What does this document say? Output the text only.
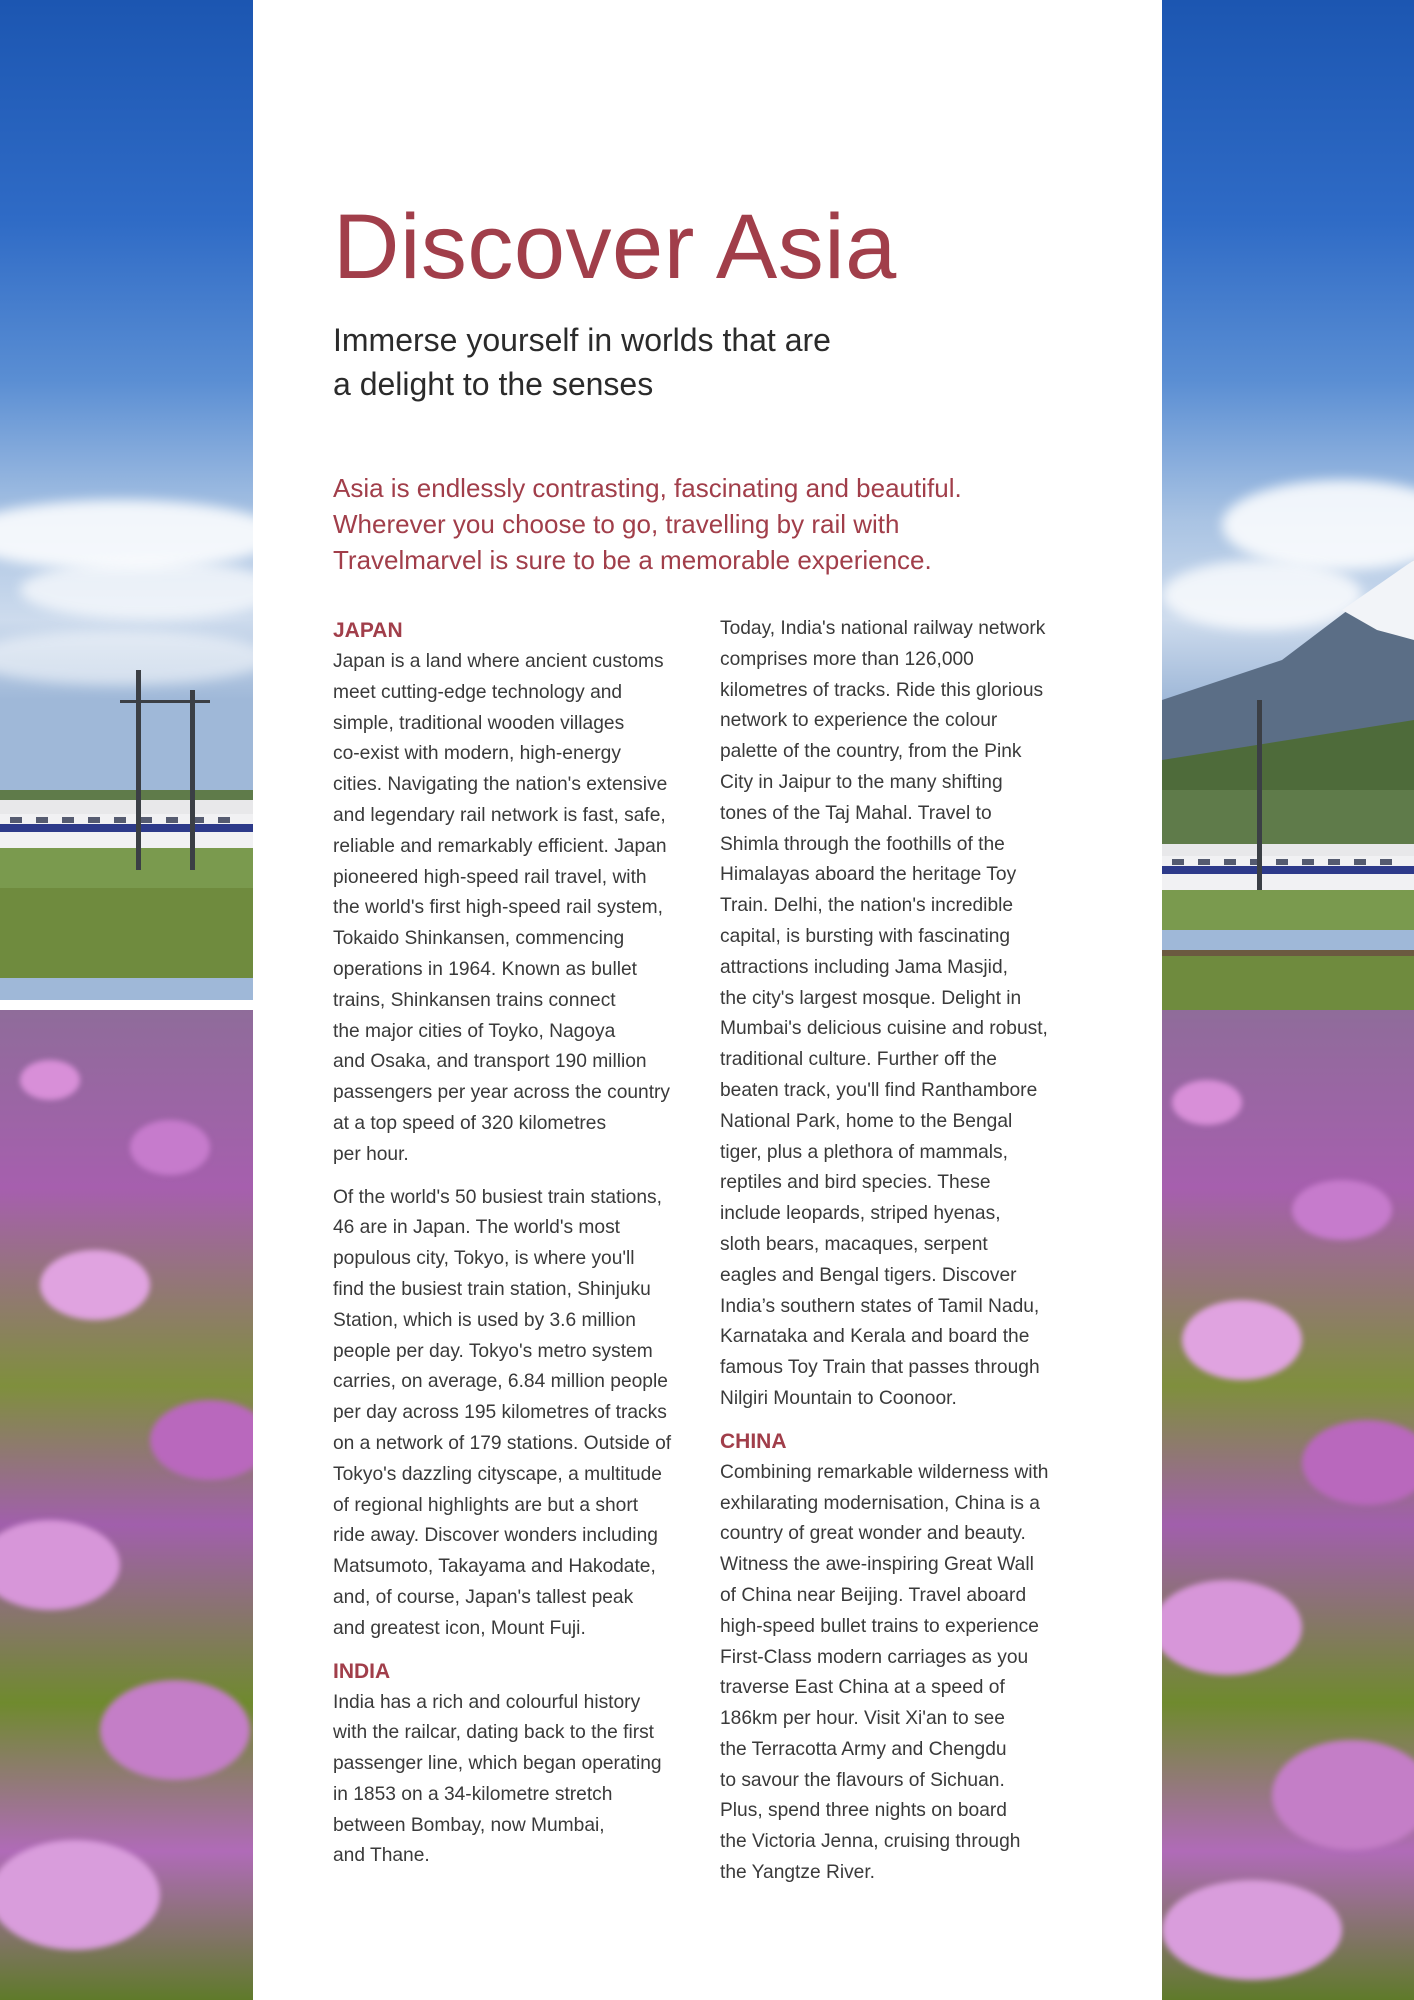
Discover Asia
Immerse yourself in worlds that are
a delight to the senses

Asia is endlessly contrasting, fascinating and beautiful.
Wherever you choose to go, travelling by rail with
Travelmarvel is sure to be a memorable experience.

JAPAN

Japan is a land where ancient customs
meet cutting-edge technology and
simple, traditional wooden villages
co-exist with modern, high-energy
cities. Navigating the nation's extensive
and legendary rail network is fast, safe,
reliable and remarkably efficient. Japan
pioneered high-speed rail travel, with
the world's first high-speed rail system,
Tokaido Shinkansen, commencing
operations in 1964. Known as bullet
trains, Shinkansen trains connect
the major cities of Toyko, Nagoya
and Osaka, and transport 190 million
passengers per year across the country
at a top speed of 320 kilometres
per hour.

Of the world's 50 busiest train stations,
46 are in Japan. The world's most
populous city, Tokyo, is where you'll
find the busiest train station, Shinjuku
Station, which is used by 3.6 million
people per day. Tokyo's metro system
carries, on average, 6.84 million people
per day across 195 kilometres of tracks
on a network of 179 stations. Outside of
Tokyo's dazzling cityscape, a multitude
of regional highlights are but a short
ride away. Discover wonders including
Matsumoto, Takayama and Hakodate,
and, of course, Japan's tallest peak
and greatest icon, Mount Fuji.

INDIA

India has a rich and colourful history
with the railcar, dating back to the first
passenger line, which began operating
in 1853 on a 34-kilometre stretch
between Bombay, now Mumbai,
and Thane.

Today, India's national railway network
comprises more than 126,000
kilometres of tracks. Ride this glorious
network to experience the colour
palette of the country, from the Pink
City in Jaipur to the many shifting
tones of the Taj Mahal. Travel to
Shimla through the foothills of the
Himalayas aboard the heritage Toy
Train. Delhi, the nation's incredible
capital, is bursting with fascinating
attractions including Jama Masjid,
the city's largest mosque. Delight in
Mumbai's delicious cuisine and robust,
traditional culture. Further off the
beaten track, you'll find Ranthambore
National Park, home to the Bengal
tiger, plus a plethora of mammals,
reptiles and bird species. These
include leopards, striped hyenas,
sloth bears, macaques, serpent
eagles and Bengal tigers. Discover
India’s southern states of Tamil Nadu,
Karnataka and Kerala and board the
famous Toy Train that passes through
Nilgiri Mountain to Coonoor.

CHINA

Combining remarkable wilderness with
exhilarating modernisation, China is a
country of great wonder and beauty.
Witness the awe-inspiring Great Wall
of China near Beijing. Travel aboard
high-speed bullet trains to experience
First-Class modern carriages as you
traverse East China at a speed of
186km per hour. Visit Xi'an to see
the Terracotta Army and Chengdu
to savour the flavours of Sichuan.
Plus, spend three nights on board
the Victoria Jenna, cruising through
the Yangtze River.
